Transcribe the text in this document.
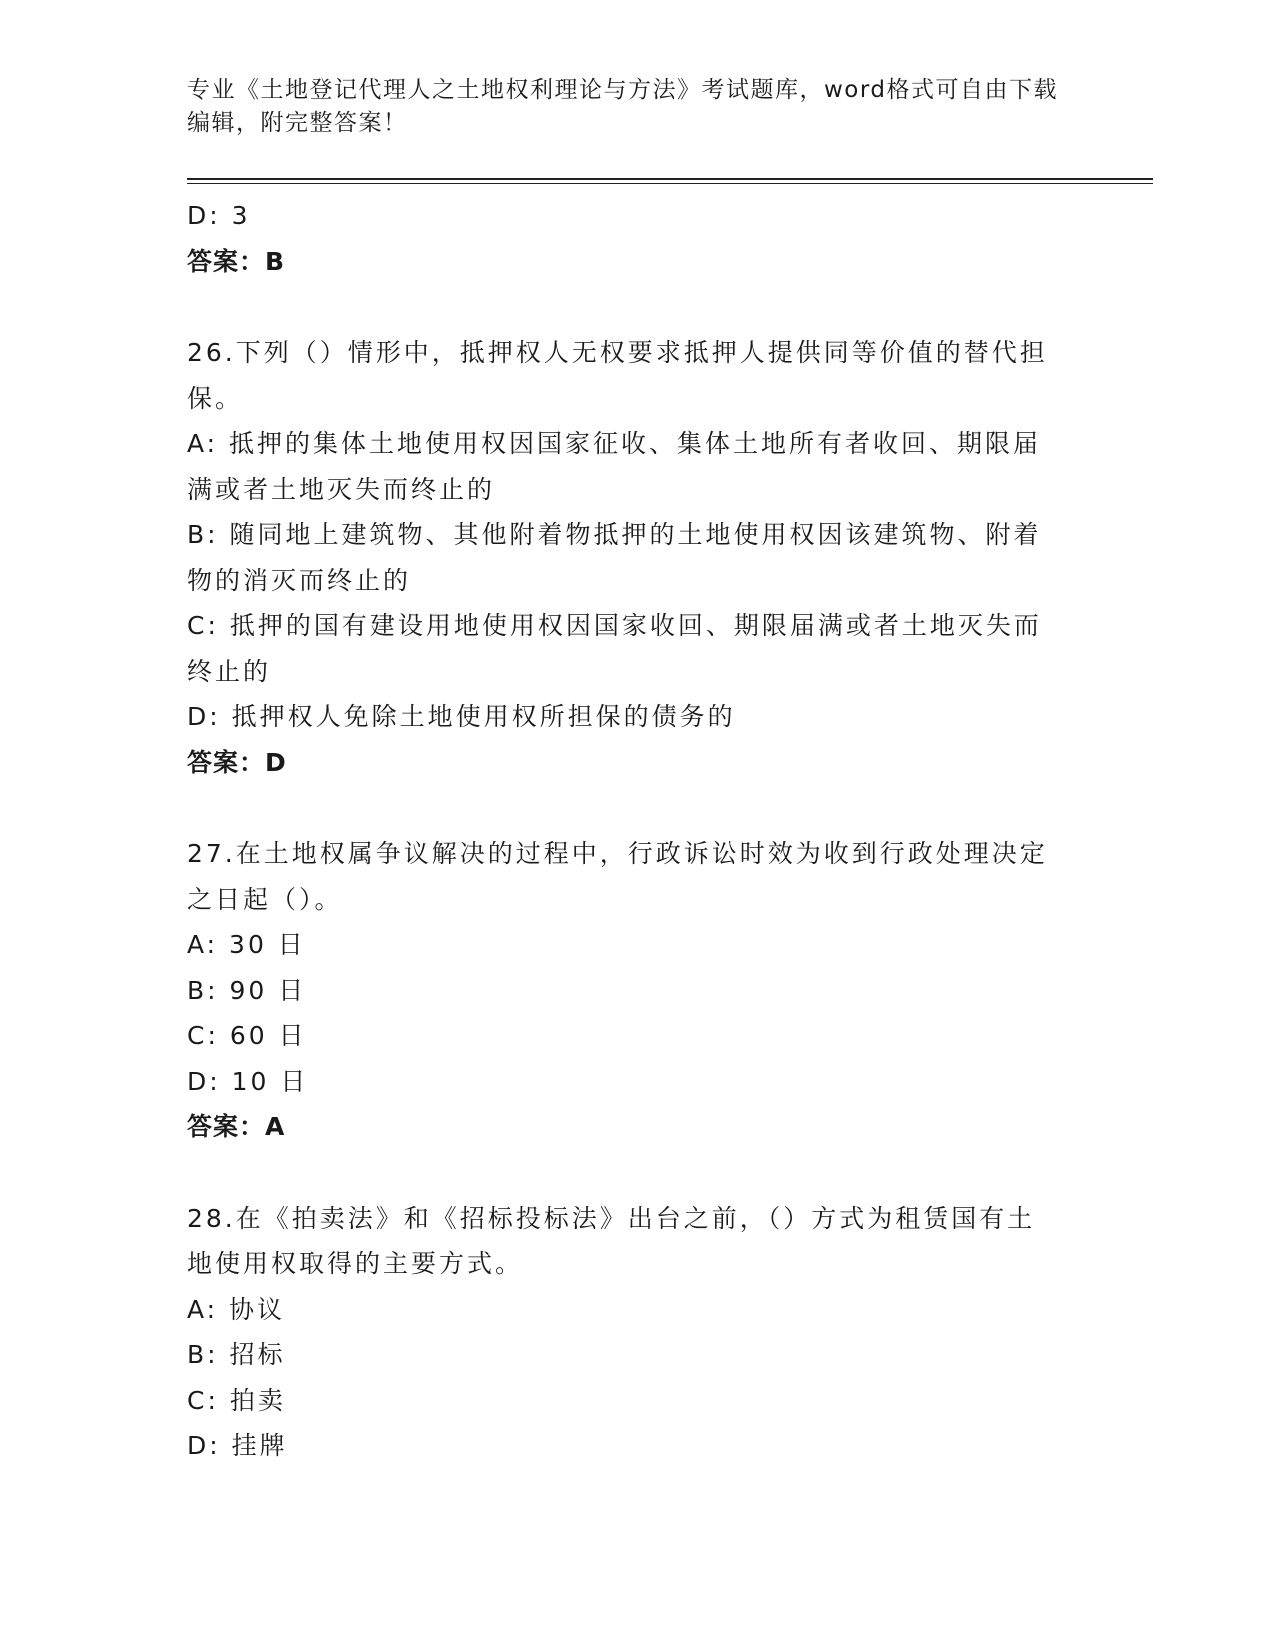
专业《土地登记代理人之土地权利理论与方法》考试题库，word格式可自由下载
编辑，附完整答案！
D: 3
答案：B
26.下列（）情形中，抵押权人无权要求抵押人提供同等价值的替代担
保。
A: 抵押的集体土地使用权因国家征收、集体土地所有者收回、期限届
满或者土地灭失而终止的
B: 随同地上建筑物、其他附着物抵押的土地使用权因该建筑物、附着
物的消灭而终止的
C: 抵押的国有建设用地使用权因国家收回、期限届满或者土地灭失而
终止的
D: 抵押权人免除土地使用权所担保的债务的
答案：D
27.在土地权属争议解决的过程中，行政诉讼时效为收到行政处理决定
之日起（）。
A: 30 日
B: 90 日
C: 60 日
D: 10 日
答案：A
28.在《拍卖法》和《招标投标法》出台之前，（）方式为租赁国有土
地使用权取得的主要方式。
A: 协议
B: 招标
C: 拍卖
D: 挂牌
